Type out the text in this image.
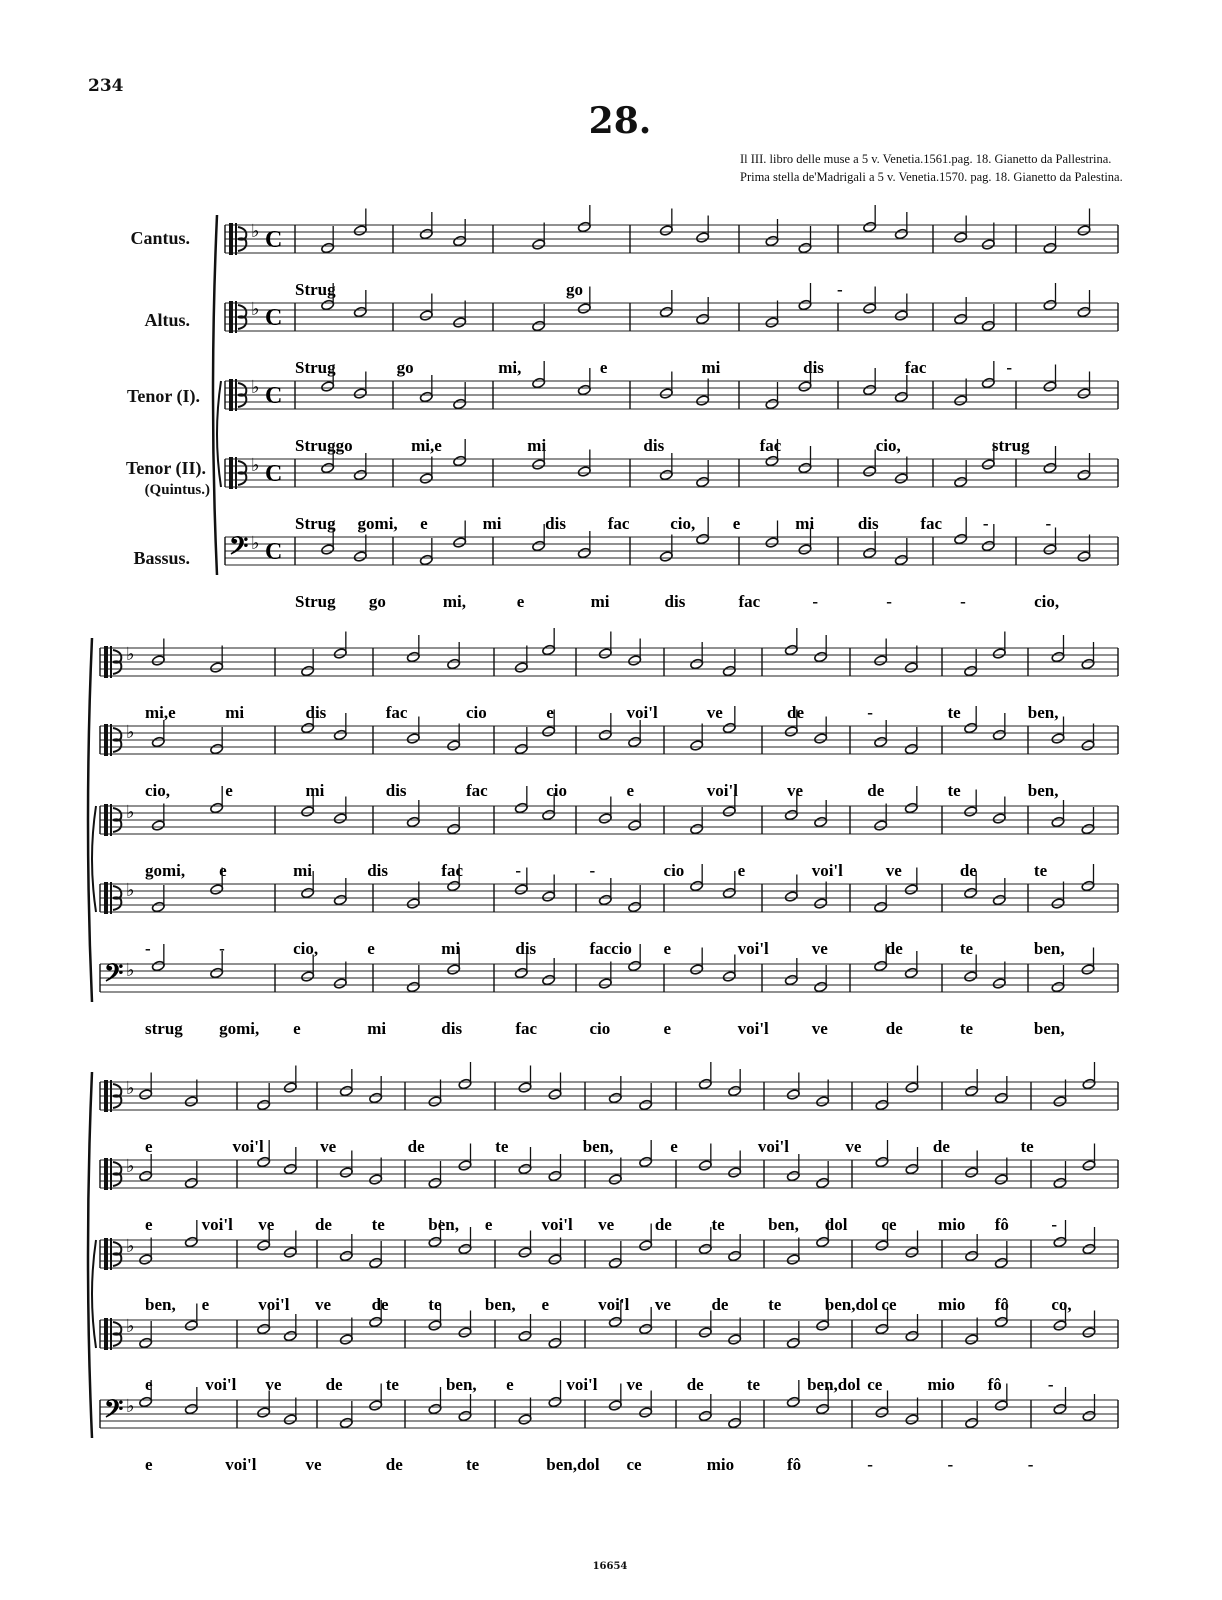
234
28.
Il III. libro delle muse a 5 v. Venetia.1561.pag. 18. Gianetto da Pallestrina. Prima stella de'Madrigali a 5 v. Venetia.1570. pag. 18. Gianetto da Palestina.
Cantus.
Altus.
Tenor (I).
Tenor (II).
(Quintus.)
Bassus.
♭ C
Strug	go	-
♭ C
Strug	go	mi,	e	mi	dis	fac	-
♭ C
Struggo	mi,e	mi	dis	fac	cio,	strug
♭ C
Strug gomi, e	mi	dis fac cio, e	mi	dis fac -	-
𝄢 ♭ C
Strug go	mi,	e	mi	dis	fac	-	-	-	cio,
♭
mi,e	mi	dis	fac	cio	e	voi'l	ve	de	-	te	ben,
♭
cio,	e	mi	dis	fac	cio	e	voi'l	ve	de	te	ben,
♭
gomi, e	mi	dis	fac	-	-	cio	e	voi'l	ve	de	te
♭
-	-	cio,	e	mi	dis	faccio e	voi'l	ve	de	te	ben,
𝄢 ♭
strug gomi, e	mi	dis	fac	cio	e	voi'l	ve	de	te	ben,
♭
e	voi'l	ve	de	te	ben,	e	voi'l	ve	de	te
♭
e	voi'l ve de te	ben, e	voi'l ve de te	ben, dol ce mio fô -
♭
ben, e	voi'l ve de te	ben, e	voi'l ve de te	ben,dol ce mio fô co,
♭
e	voi'l ve	de	te	ben, e	voi'l ve	de	te	ben,dol ce	mio fô	-
𝄢 ♭
e	voi'l	ve	de	te	ben,dol ce	mio	fô	-	-	-
16654
